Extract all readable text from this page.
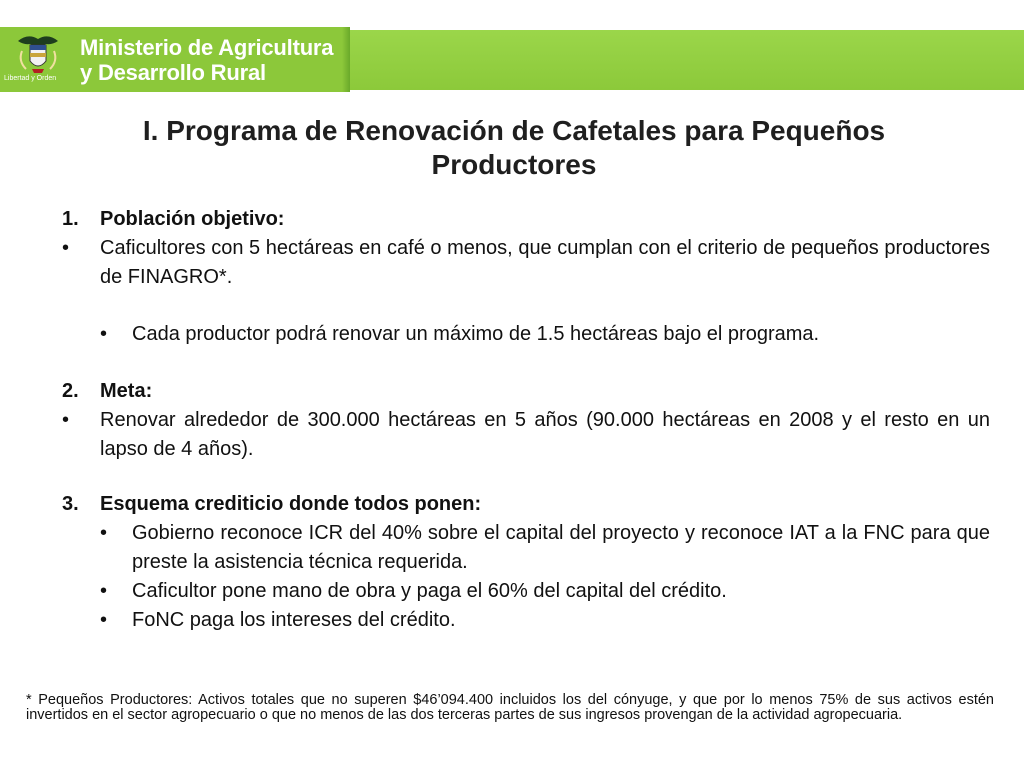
Libertad y Orden
Ministerio de Agricultura
y Desarrollo Rural
I. Programa de Renovación de Cafetales para Pequeños
Productores
1. Población objetivo:
• Caficultores con 5 hectáreas en café o menos, que cumplan con el criterio de pequeños productores de FINAGRO*.
• Cada productor podrá renovar un máximo de 1.5 hectáreas bajo el programa.
2. Meta:
• Renovar alrededor de 300.000 hectáreas en 5 años (90.000 hectáreas en 2008 y el resto en un lapso de 4 años).
3. Esquema crediticio donde todos ponen:
• Gobierno reconoce ICR del 40% sobre el capital del proyecto y reconoce IAT a la FNC para que preste la asistencia técnica requerida.
• Caficultor pone mano de obra y paga el 60% del capital del crédito.
• FoNC paga los intereses del crédito.
* Pequeños Productores: Activos totales que no superen $46’094.400 incluidos los del cónyuge, y que por lo menos 75% de sus activos estén invertidos en el sector agropecuario o que no menos de las dos terceras partes de sus ingresos provengan de la actividad agropecuaria.
